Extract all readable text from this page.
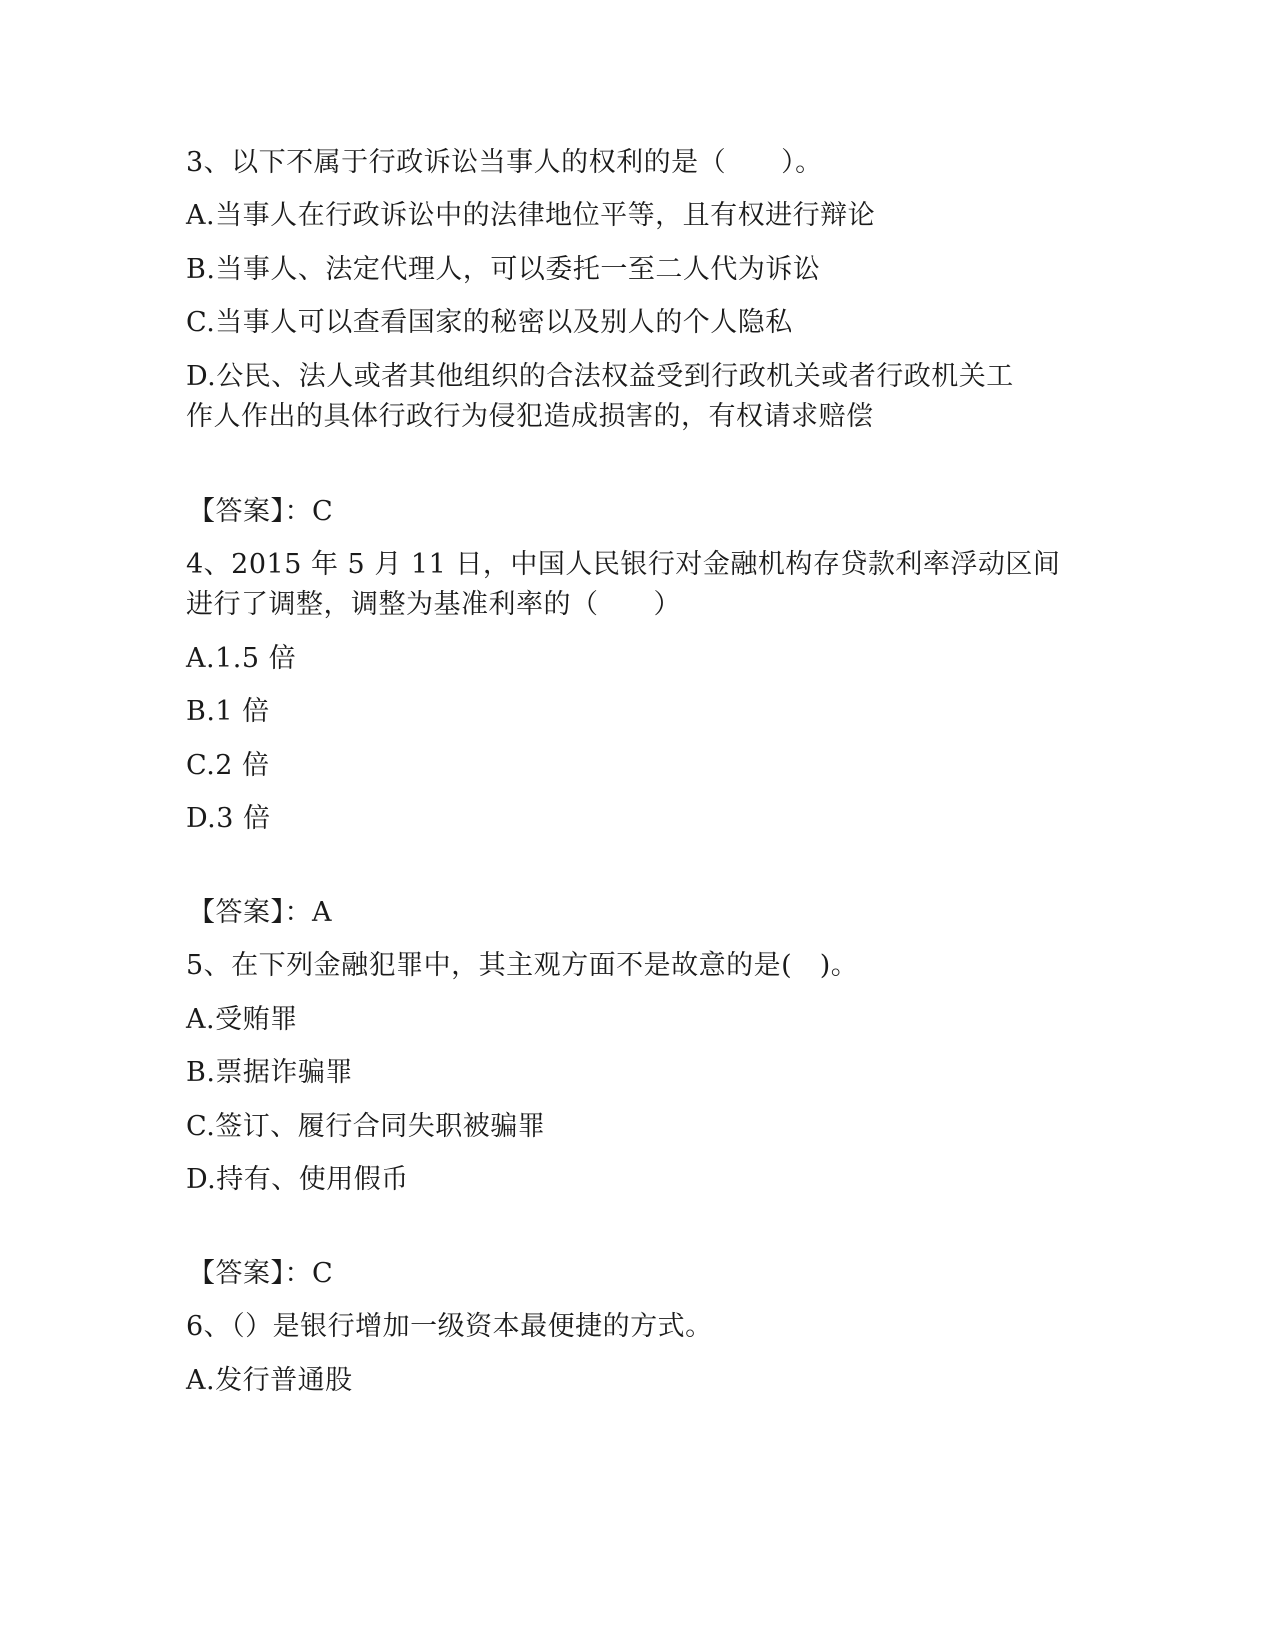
3、以下不属于行政诉讼当事人的权利的是（　　）。
A.当事人在行政诉讼中的法律地位平等，且有权进行辩论
B.当事人、法定代理人，可以委托一至二人代为诉讼
C.当事人可以查看国家的秘密以及别人的个人隐私
D.公民、法人或者其他组织的合法权益受到行政机关或者行政机关工
作人作出的具体行政行为侵犯造成损害的，有权请求赔偿
【答案】：C
4、2015 年 5 月 11 日，中国人民银行对金融机构存贷款利率浮动区间
进行了调整，调整为基准利率的（　　）
A.1.5 倍
B.1 倍
C.2 倍
D.3 倍
【答案】：A
5、在下列金融犯罪中，其主观方面不是故意的是(　)。
A.受贿罪
B.票据诈骗罪
C.签订、履行合同失职被骗罪
D.持有、使用假币
【答案】：C
6、（）是银行增加一级资本最便捷的方式。
A.发行普通股
